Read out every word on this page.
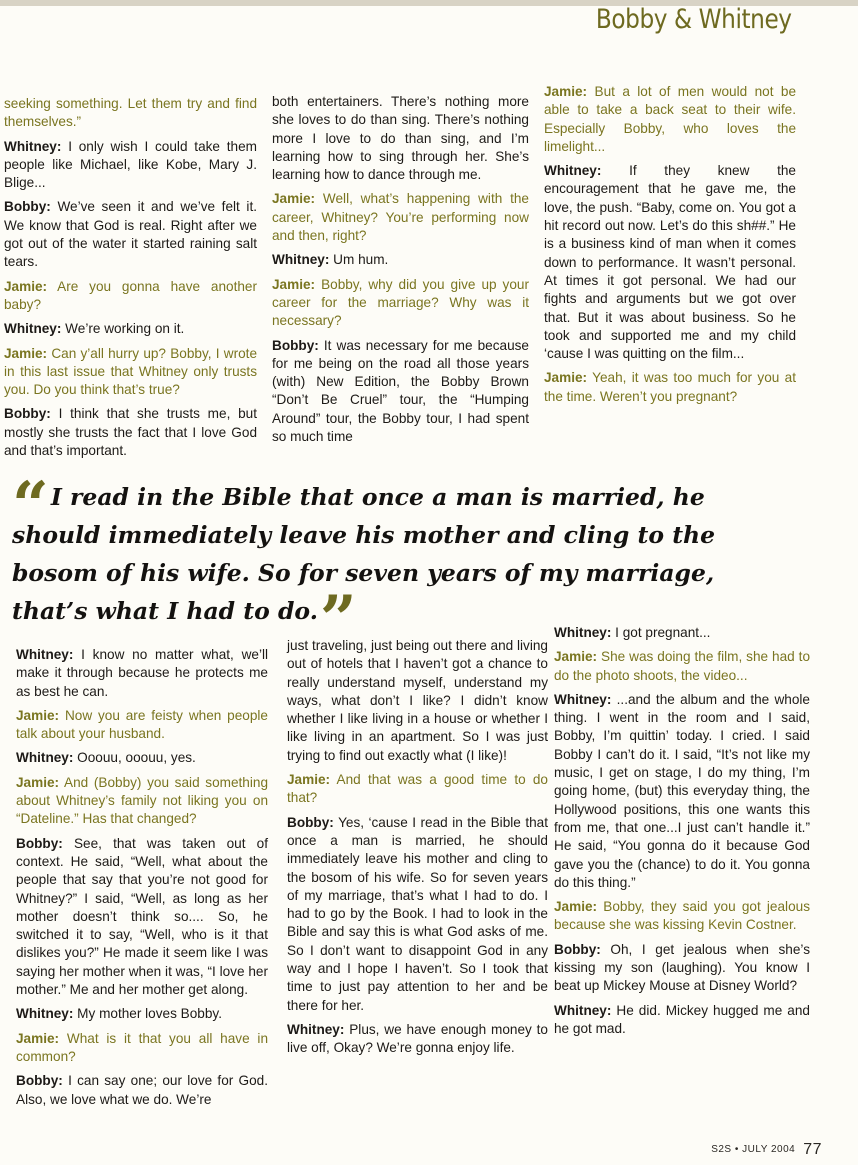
Bobby & Whitney

seeking something. Let them try and find themselves.”

Whitney: I only wish I could take them people like Michael, like Kobe, Mary J. Blige...

Bobby: We’ve seen it and we’ve felt it. We know that God is real. Right after we got out of the water it started raining salt tears.

Jamie: Are you gonna have another baby?

Whitney: We’re working on it.

Jamie: Can y’all hurry up? Bobby, I wrote in this last issue that Whitney only trusts you. Do you think that’s true?

Bobby: I think that she trusts me, but mostly she trusts the fact that I love God and that’s important.

both entertainers. There’s nothing more she loves to do than sing. There’s nothing more I love to do than sing, and I’m learning how to sing through her. She’s learning how to dance through me.

Jamie: Well, what’s happening with the career, Whitney? You’re performing now and then, right?

Whitney: Um hum.

Jamie: Bobby, why did you give up your career for the marriage? Why was it necessary?

Bobby: It was necessary for me because for me being on the road all those years (with) New Edition, the Bobby Brown “Don’t Be Cruel” tour, the “Humping Around” tour, the Bobby tour, I had spent so much time

Jamie: But a lot of men would not be able to take a back seat to their wife. Especially Bobby, who loves the limelight...

Whitney: If they knew the encouragement that he gave me, the love, the push. “Baby, come on. You got a hit record out now. Let’s do this sh##.” He is a business kind of man when it comes down to performance. It wasn’t personal. At times it got personal. We had our fights and arguments but we got over that. But it was about business. So he took and supported me and my child ‘cause I was quitting on the film...

Jamie: Yeah, it was too much for you at the time. Weren’t you pregnant?

“ I read in the Bible that once a man is married, he should immediately leave his mother and cling to the bosom of his wife. So for seven years of my marriage, that’s what I had to do.”

Whitney: I know no matter what, we’ll make it through because he protects me as best he can.

Jamie: Now you are feisty when people talk about your husband.

Whitney: Ooouu, ooouu, yes.

Jamie: And (Bobby) you said something about Whitney’s family not liking you on “Dateline.” Has that changed?

Bobby: See, that was taken out of context. He said, “Well, what about the people that say that you’re not good for Whitney?” I said, “Well, as long as her mother doesn’t think so.... So, he switched it to say, “Well, who is it that dislikes you?” He made it seem like I was saying her mother when it was, “I love her mother.” Me and her mother get along.

Whitney: My mother loves Bobby.

Jamie: What is it that you all have in common?

Bobby: I can say one; our love for God. Also, we love what we do. We’re

just traveling, just being out there and living out of hotels that I haven’t got a chance to really understand myself, understand my ways, what don’t I like? I didn’t know whether I like living in a house or whether I like living in an apartment. So I was just trying to find out exactly what (I like)!

Jamie: And that was a good time to do that?

Bobby: Yes, ‘cause I read in the Bible that once a man is married, he should immediately leave his mother and cling to the bosom of his wife. So for seven years of my marriage, that’s what I had to do. I had to go by the Book. I had to look in the Bible and say this is what God asks of me. So I don’t want to disappoint God in any way and I hope I haven’t. So I took that time to just pay attention to her and be there for her.

Whitney: Plus, we have enough money to live off, Okay? We’re gonna enjoy life.

Whitney: I got pregnant...

Jamie: She was doing the film, she had to do the photo shoots, the video...

Whitney: ...and the album and the whole thing. I went in the room and I said, Bobby, I’m quittin’ today. I cried. I said Bobby I can’t do it. I said, “It’s not like my music, I get on stage, I do my thing, I’m going home, (but) this everyday thing, the Hollywood positions, this one wants this from me, that one...I just can’t handle it.” He said, “You gonna do it because God gave you the (chance) to do it. You gonna do this thing.”

Jamie: Bobby, they said you got jealous because she was kissing Kevin Costner.

Bobby: Oh, I get jealous when she’s kissing my son (laughing). You know I beat up Mickey Mouse at Disney World?

Whitney: He did. Mickey hugged me and he got mad.

S2S • JULY 2004 77
